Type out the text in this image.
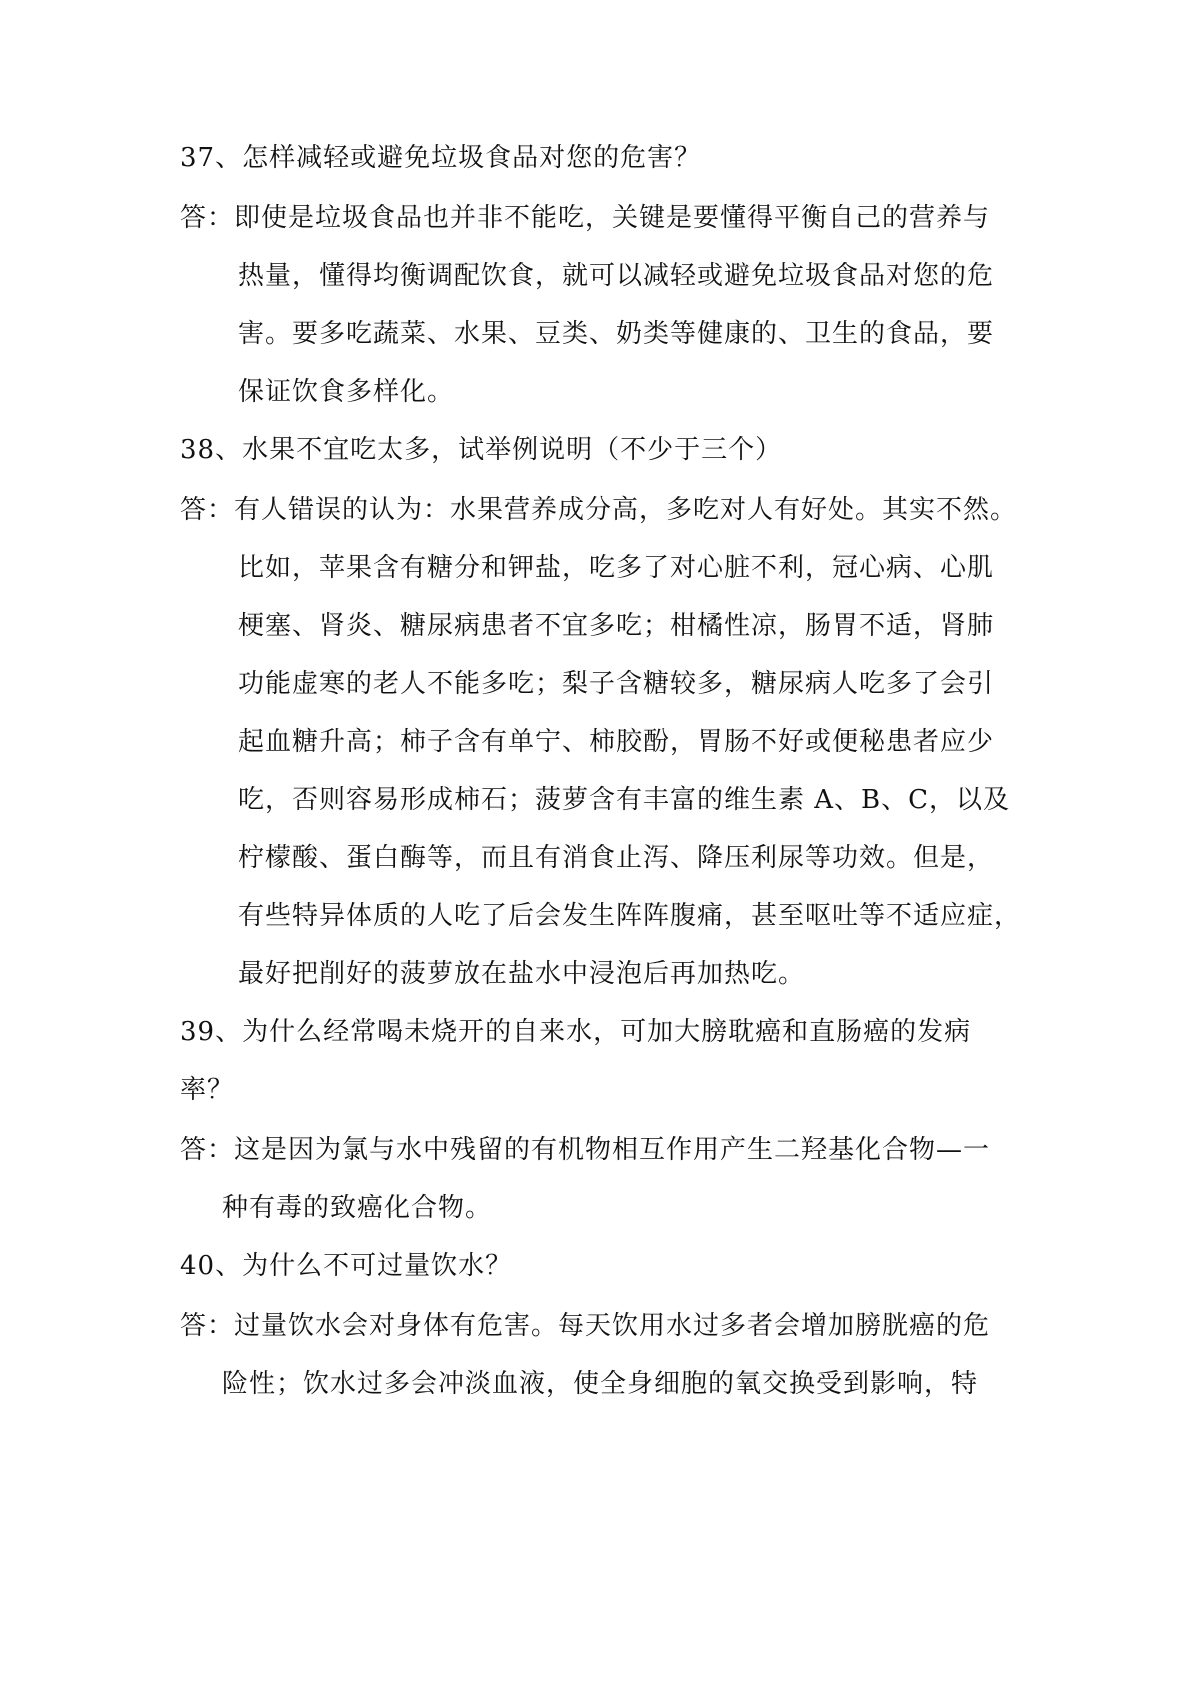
37、怎样减轻或避免垃圾食品对您的危害？
答：即使是垃圾食品也并非不能吃，关键是要懂得平衡自己的营养与
热量，懂得均衡调配饮食，就可以减轻或避免垃圾食品对您的危
害。要多吃蔬菜、水果、豆类、奶类等健康的、卫生的食品，要
保证饮食多样化。
38、水果不宜吃太多，试举例说明（不少于三个）
答：有人错误的认为：水果营养成分高，多吃对人有好处。其实不然。
比如，苹果含有糖分和钾盐，吃多了对心脏不利，冠心病、心肌
梗塞、肾炎、糖尿病患者不宜多吃；柑橘性凉，肠胃不适，肾肺
功能虚寒的老人不能多吃；梨子含糖较多，糖尿病人吃多了会引
起血糖升高；柿子含有单宁、柿胶酚，胃肠不好或便秘患者应少
吃，否则容易形成柿石；菠萝含有丰富的维生素 A、B、C，以及
柠檬酸、蛋白酶等，而且有消食止泻、降压利尿等功效。但是，
有些特异体质的人吃了后会发生阵阵腹痛，甚至呕吐等不适应症，
最好把削好的菠萝放在盐水中浸泡后再加热吃。
39、为什么经常喝未烧开的自来水，可加大膀耽癌和直肠癌的发病
率？
答：这是因为氯与水中残留的有机物相互作用产生二羟基化合物—一
种有毒的致癌化合物。
40、为什么不可过量饮水？
答：过量饮水会对身体有危害。每天饮用水过多者会增加膀胱癌的危
险性；饮水过多会冲淡血液，使全身细胞的氧交换受到影响，特
